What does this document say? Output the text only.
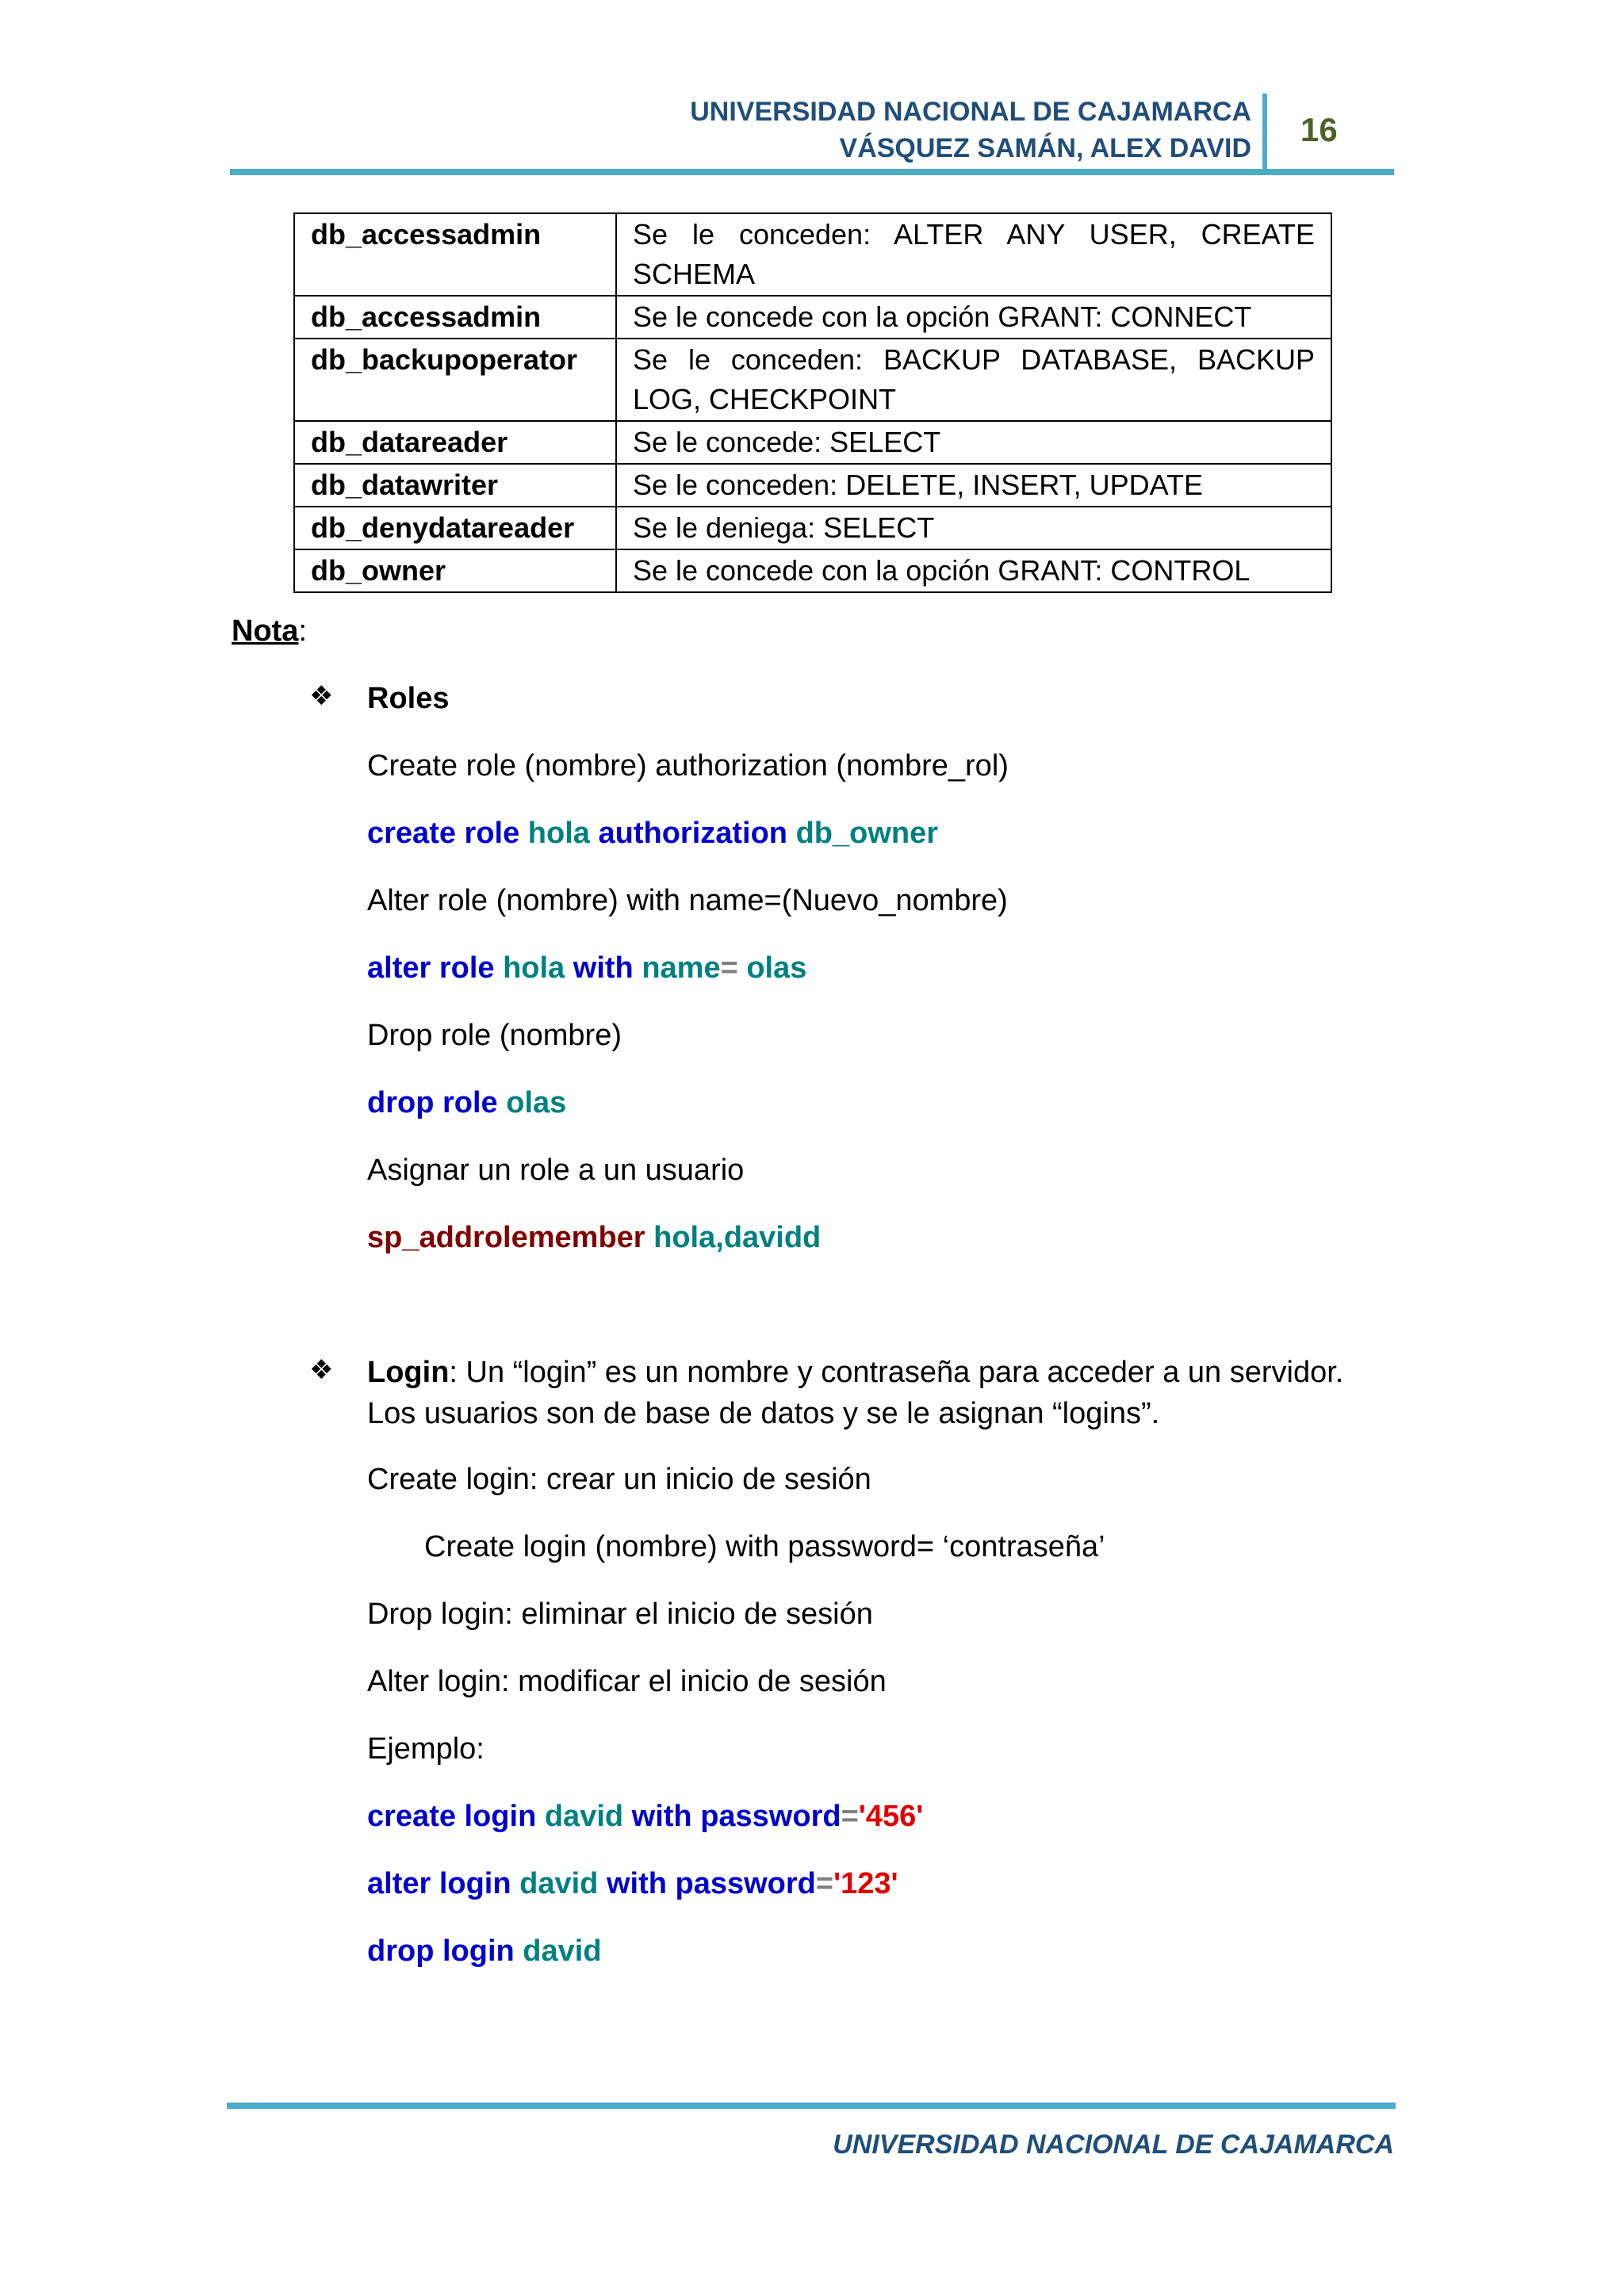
UNIVERSIDAD NACIONAL DE CAJAMARCA
VÁSQUEZ SAMÁN, ALEX DAVID 16
db_accessadmin	Se le conceden: ALTER ANY USER, CREATE SCHEMA
db_accessadmin	Se le concede con la opción GRANT: CONNECT
db_backupoperator	Se le conceden: BACKUP DATABASE, BACKUP LOG, CHECKPOINT
db_datareader	Se le concede: SELECT
db_datawriter	Se le conceden: DELETE, INSERT, UPDATE
db_denydatareader	Se le deniega: SELECT
db_owner	Se le concede con la opción GRANT: CONTROL
Nota:
❖ Roles
Create role (nombre) authorization (nombre_rol)
create role hola authorization db_owner
Alter role (nombre) with name=(Nuevo_nombre)
alter role hola with name= olas
Drop role (nombre)
drop role olas
Asignar un role a un usuario
sp_addrolemember hola,davidd
❖ Login: Un “login” es un nombre y contraseña para acceder a un servidor. Los usuarios son de base de datos y se le asignan “logins”.
Create login: crear un inicio de sesión
Create login (nombre) with password= ‘contraseña’
Drop login: eliminar el inicio de sesión
Alter login: modificar el inicio de sesión
Ejemplo:
create login david with password='456'
alter login david with password='123'
drop login david
UNIVERSIDAD NACIONAL DE CAJAMARCA
